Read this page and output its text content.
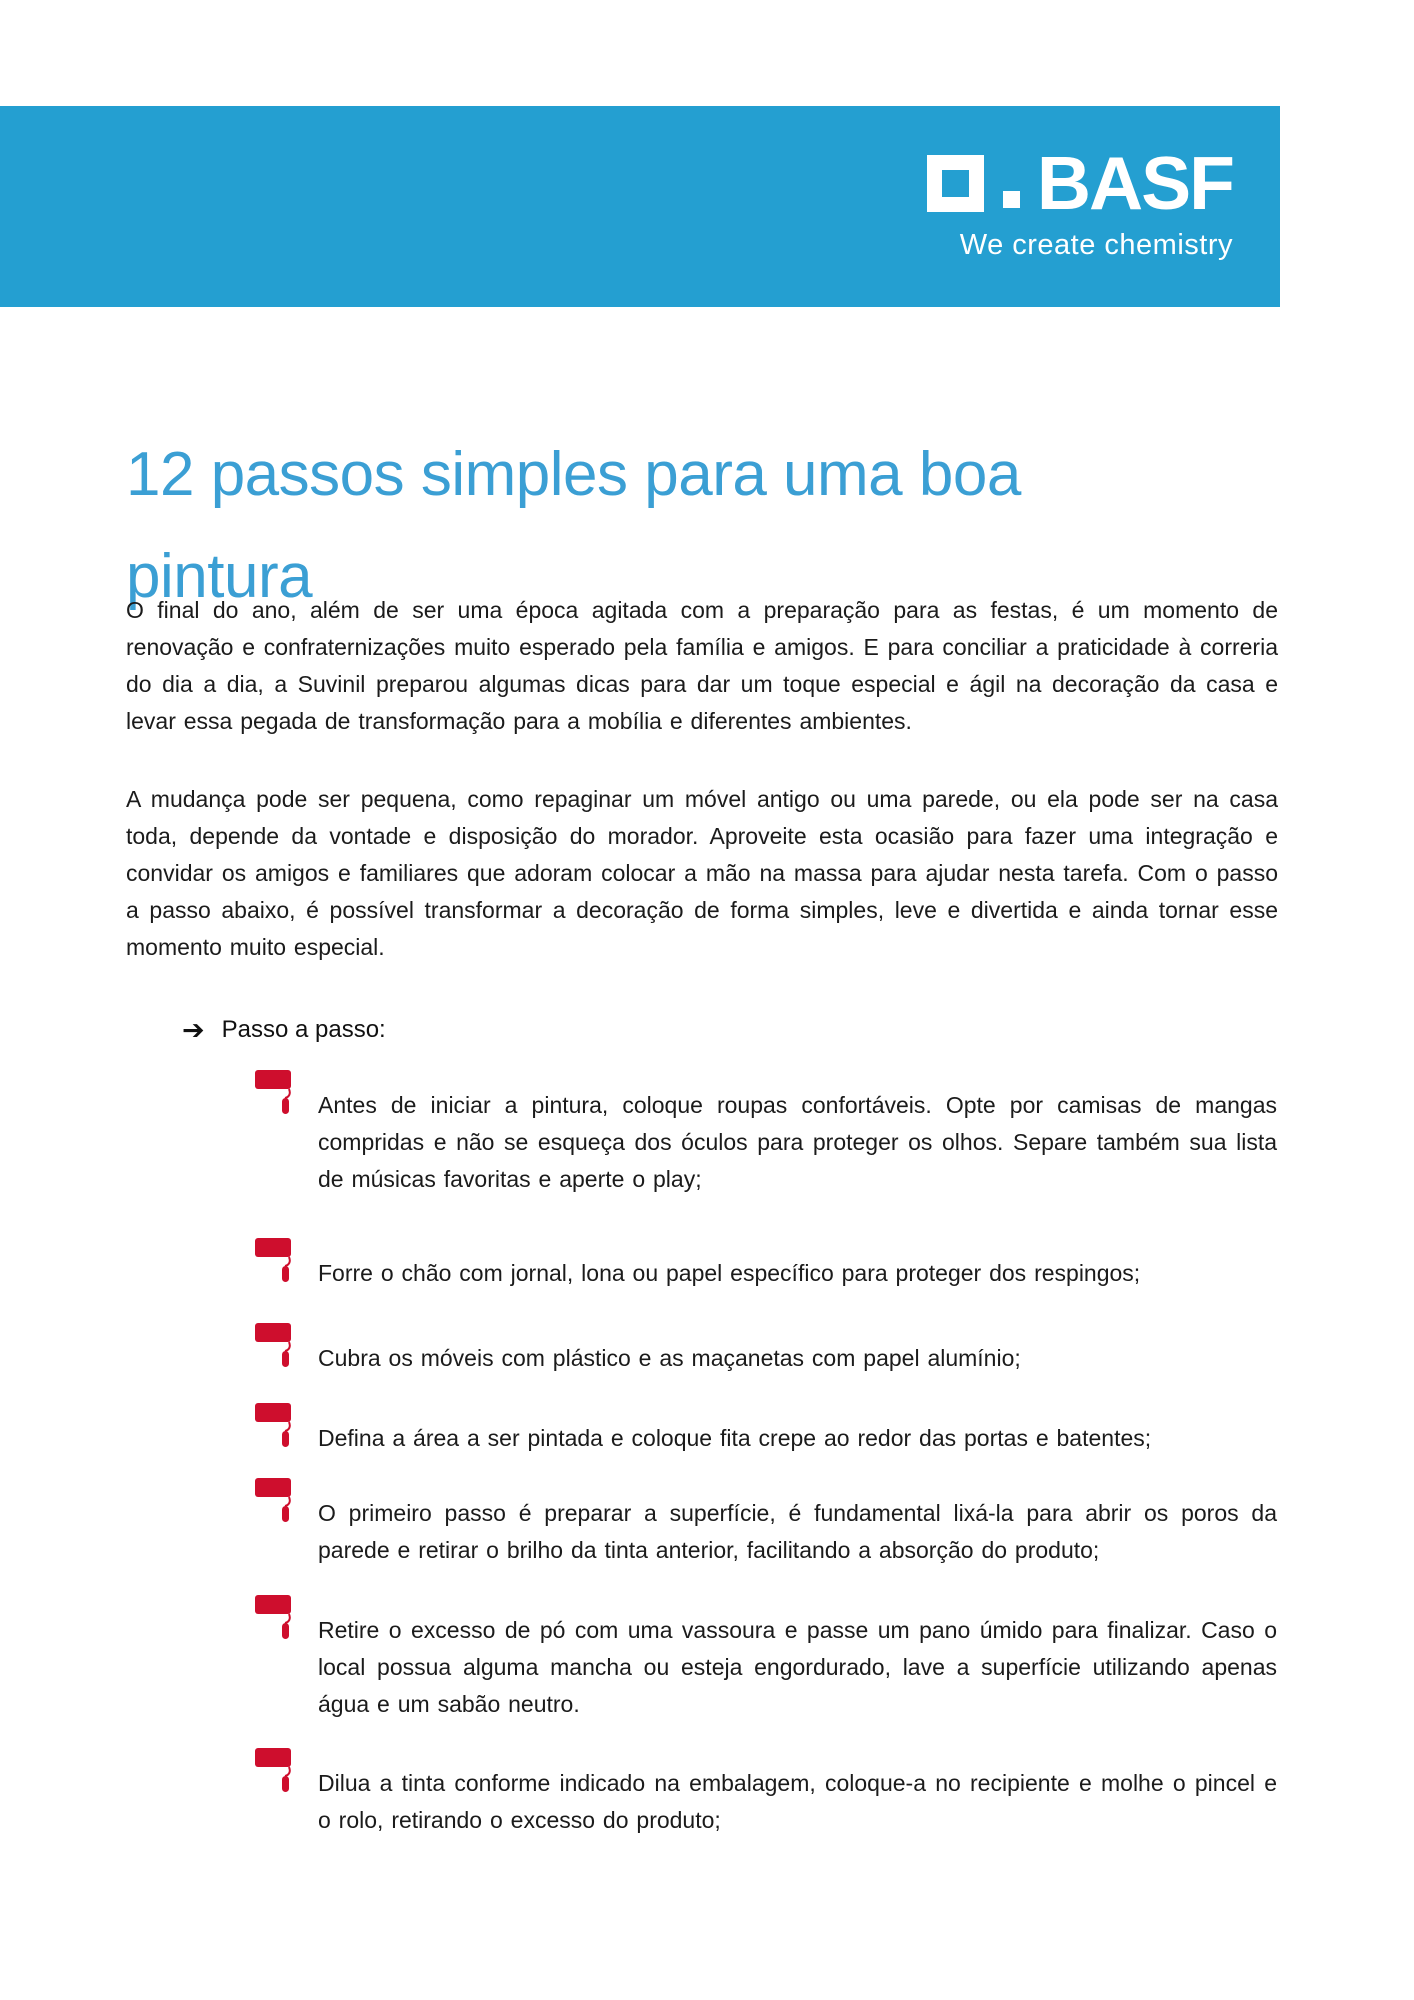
BASF
We create chemistry
12 passos simples para uma boa pintura

O final do ano, além de ser uma época agitada com a preparação para as festas, é um momento de renovação e confraternizações muito esperado pela família e amigos. E para conciliar a praticidade à correria do dia a dia, a Suvinil preparou algumas dicas para dar um toque especial e ágil na decoração da casa e levar essa pegada de transformação para a mobília e diferentes ambientes.

A mudança pode ser pequena, como repaginar um móvel antigo ou uma parede, ou ela pode ser na casa toda, depende da vontade e disposição do morador. Aproveite esta ocasião para fazer uma integração e convidar os amigos e familiares que adoram colocar a mão na massa para ajudar nesta tarefa. Com o passo a passo abaixo, é possível transformar a decoração de forma simples, leve e divertida e ainda tornar esse momento muito especial.

➔ Passo a passo:
Antes de iniciar a pintura, coloque roupas confortáveis. Opte por camisas de mangas compridas e não se esqueça dos óculos para proteger os olhos. Separe também sua lista de músicas favoritas e aperte o play;
Forre o chão com jornal, lona ou papel específico para proteger dos respingos;
Cubra os móveis com plástico e as maçanetas com papel alumínio;
Defina a área a ser pintada e coloque fita crepe ao redor das portas e batentes;
O primeiro passo é preparar a superfície, é fundamental lixá-la para abrir os poros da parede e retirar o brilho da tinta anterior, facilitando a absorção do produto;
Retire o excesso de pó com uma vassoura e passe um pano úmido para finalizar. Caso o local possua alguma mancha ou esteja engordurado, lave a superfície utilizando apenas água e um sabão neutro.
Dilua a tinta conforme indicado na embalagem, coloque-a no recipiente e molhe o pincel e o rolo, retirando o excesso do produto;
